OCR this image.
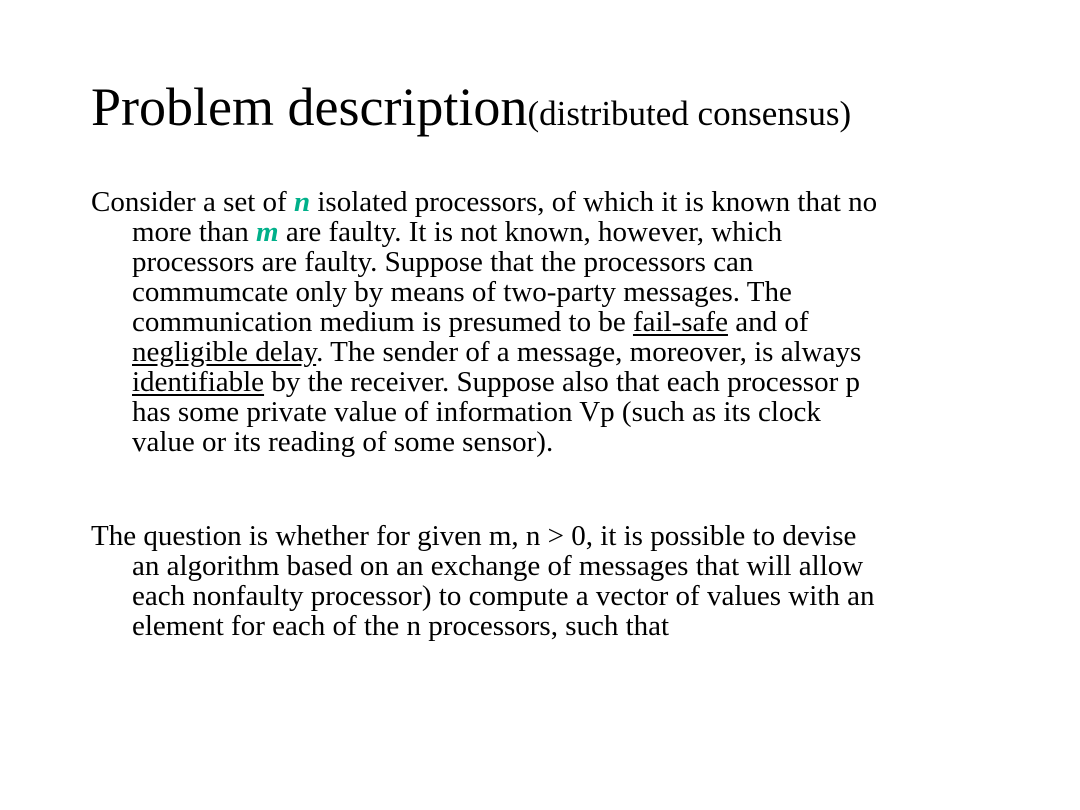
Problem description(distributed consensus)
Consider a set of n isolated processors, of which it is known that no
more than m are faulty. It is not known, however, which
processors are faulty. Suppose that the processors can
commumcate only by means of two-party messages. The
communication medium is presumed to be fail-safe and of
negligible delay. The sender of a message, moreover, is always
identifiable by the receiver. Suppose also that each processor p
has some private value of information Vp (such as its clock
value or its reading of some sensor).
The question is whether for given m, n > 0, it is possible to devise
an algorithm based on an exchange of messages that will allow
each nonfaulty processor) to compute a vector of values with an
element for each of the n processors, such that
